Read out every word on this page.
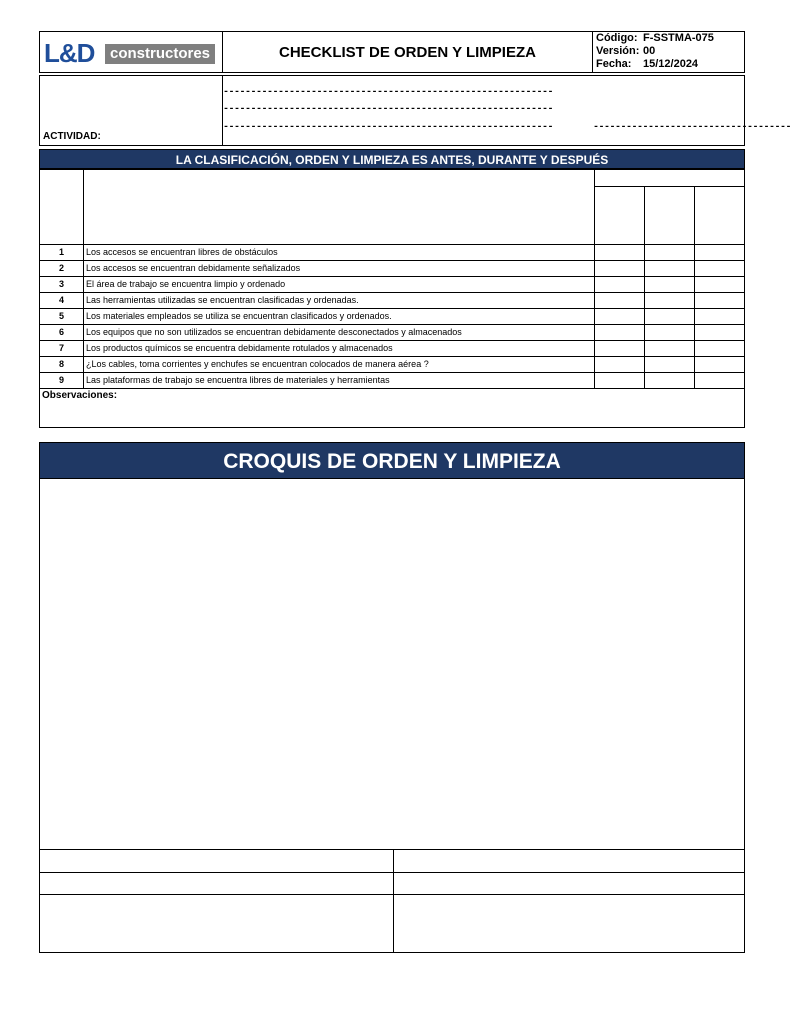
L&D	constructores	CHECKLIST DE ORDEN Y LIMPIEZA
Código: F-SSTMA-075
Versión: 00
Fecha:	15/12/2024
ACTIVIDAD:
------------------------------------------------------------
------------------------------------------------------------
------------------------------------------------------------	------------------------------------
LA CLASIFICACIÓN, ORDEN Y LIMPIEZA ES ANTES, DURANTE Y DESPUÉS
1	Los accesos se encuentran libres de obstáculos
2	Los accesos se encuentran debidamente señalizados
3	El área de trabajo se encuentra limpio y ordenado
4	Las herramientas utilizadas se encuentran clasificadas y ordenadas.
5	Los materiales empleados se utiliza se encuentran clasificados y ordenados.
6	Los equipos que no son utilizados se encuentran debidamente desconectados y almacenados
7	Los productos químicos se encuentra debidamente rotulados y almacenados
8	¿Los cables, toma corrientes y enchufes se encuentran colocados de manera aérea ?
9	Las plataformas de trabajo se encuentra libres de materiales y herramientas
Observaciones:
CROQUIS DE ORDEN Y LIMPIEZA
